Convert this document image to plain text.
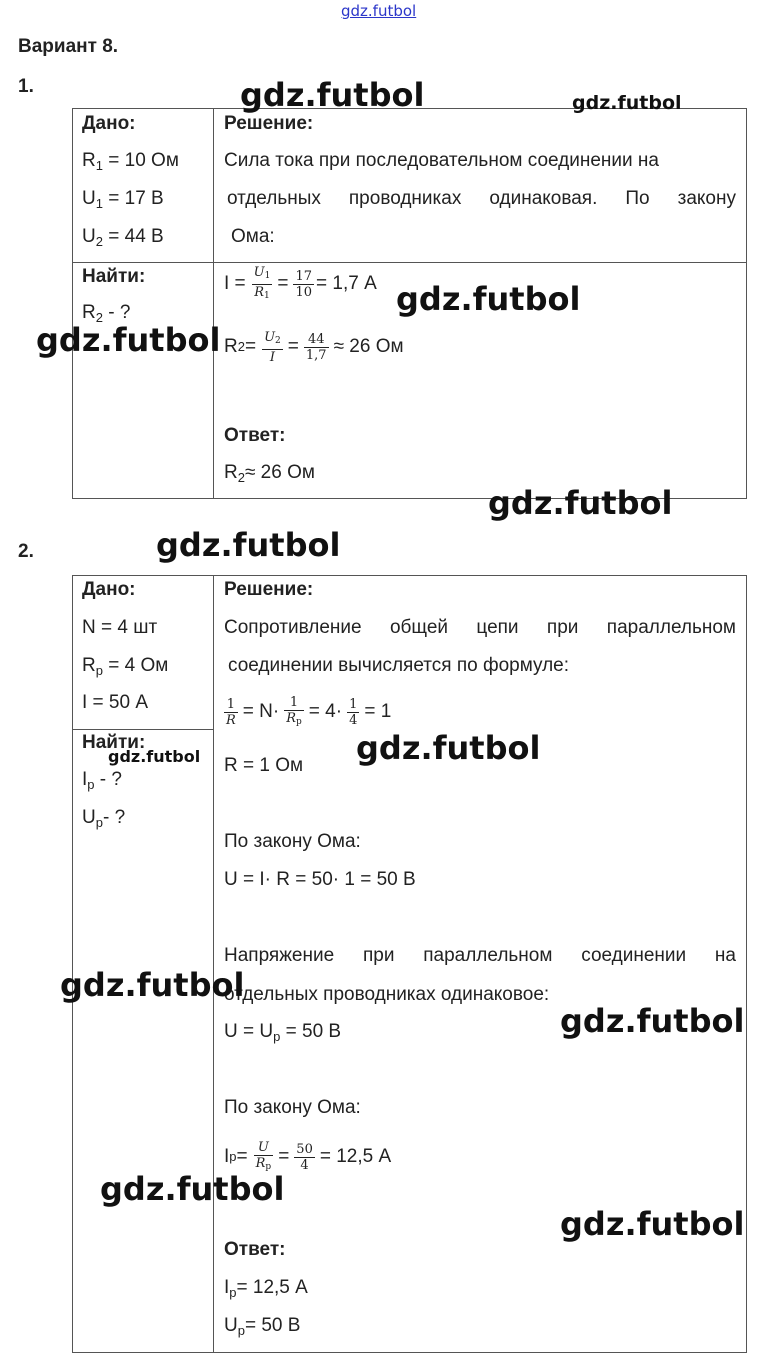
gdz.futbol
Вариант 8.
1.
Дано:
$R_1 = 10$ Ом
$U_1 = 17$ В
$U_2 = 44$ В
Найти:
$R_2$ - ?
Решение:
Сила тока при последовательном соединении на
отдельных проводниках одинаковая. По закону
Ома:
$I = \frac{U1}{R1} = \frac{17}{10} = 1,7$ А
R $2 = \frac{U2}{I} = \frac{44}{1,7} \approx 26$ Ом
Ответ:
$R_2\approx 26$ Ом
2.
Дано:
N = 4 шт
$R_р = 4$ Ом
I = 50 А
Найти:
$I_р$ - ?
$U_р-$ ?
Решение:
Сопротивление общей цепи при параллельном
соединении вычисляется по формуле:
$\frac{1}{R} = N\cdot \frac{1}{Rр} = 4\cdot \frac{1}{4} = 1$
R = 1 Ом
По закону Ома:
U = I· R = 50· 1 = 50 В
Напряжение при параллельном соединении на
отдельных проводниках одинаковое:
$U = U_р = 50$ В
По закону Ома:
I $р = \frac{U}{Rр} = \frac{50}{4} = 12,5$ А
Ответ:
$I_р= 12,5$ А
$U_р= 50$ В
gdz.futbol	gdz.futbol
gdz.futbol
gdz.futbol
gdz.futbol
gdz.futbol
gdz.futbol	gdz.futbol
gdz.futbol
gdz.futbol
gdz.futbol
gdz.futbol
